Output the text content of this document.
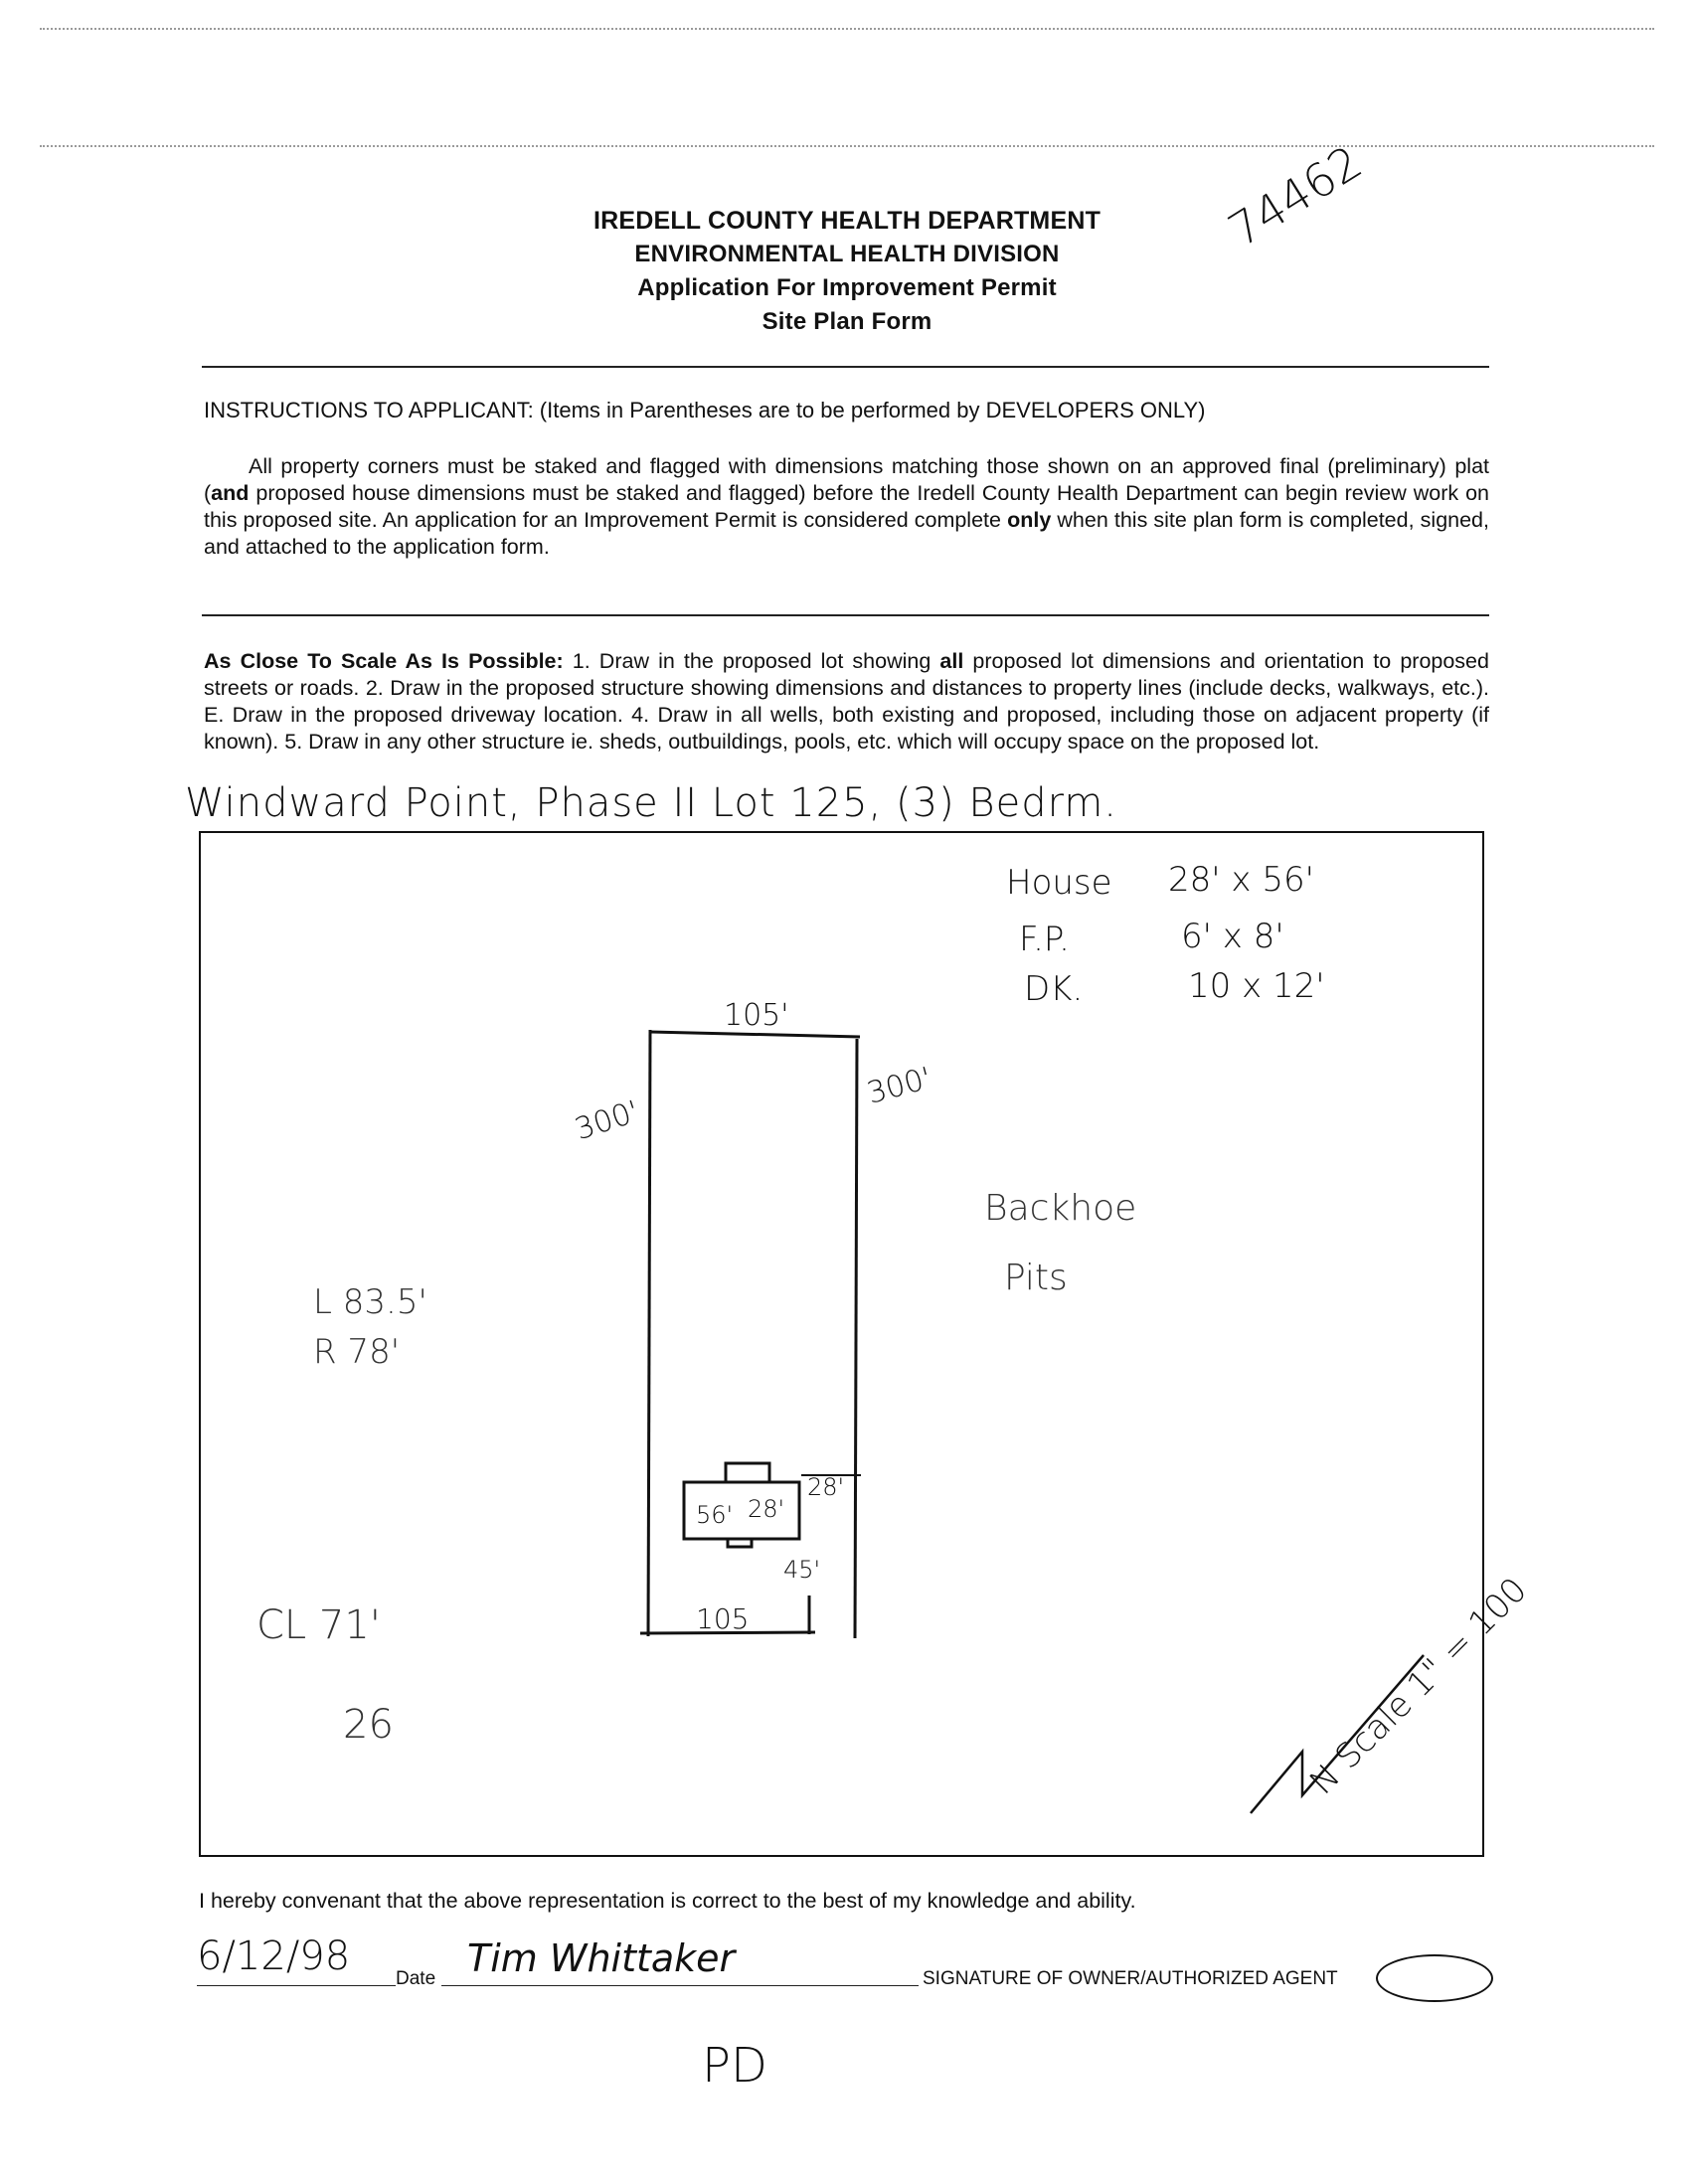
74462
IREDELL COUNTY HEALTH DEPARTMENT
ENVIRONMENTAL HEALTH DIVISION
Application For Improvement Permit
Site Plan Form
INSTRUCTIONS TO APPLICANT: (Items in Parentheses are to be performed by DEVELOPERS ONLY)
All property corners must be staked and flagged with dimensions matching those shown on an approved final (preliminary) plat (and proposed house dimensions must be staked and flagged) before the Iredell County Health Department can begin review work on this proposed site. An application for an Improvement Permit is considered complete only when this site plan form is completed, signed, and attached to the application form.
As Close To Scale As Is Possible: 1. Draw in the proposed lot showing all proposed lot dimensions and orientation to proposed streets or roads. 2. Draw in the proposed structure showing dimensions and distances to property lines (include decks, walkways, etc.). E. Draw in the proposed driveway location. 4. Draw in all wells, both existing and proposed, including those on adjacent property (if known). 5. Draw in any other structure ie. sheds, outbuildings, pools, etc. which will occupy space on the proposed lot.
Windward Point, Phase II Lot 125, (3) Bedrm.
House 28' x 56'
F.P.	6' x 8'
DK.	10 x 12'
105'
300'
300'
105
56' 28'
28'
45'
L 83.5'
R 78'
Backhoe
Pits
CL 71'
26	N Scale 1" = 100
I hereby convenant that the above representation is correct to the best of my knowledge and ability.
6/12/98 Date Tim Whittaker	SIGNATURE OF OWNER/AUTHORIZED AGENT
PD
